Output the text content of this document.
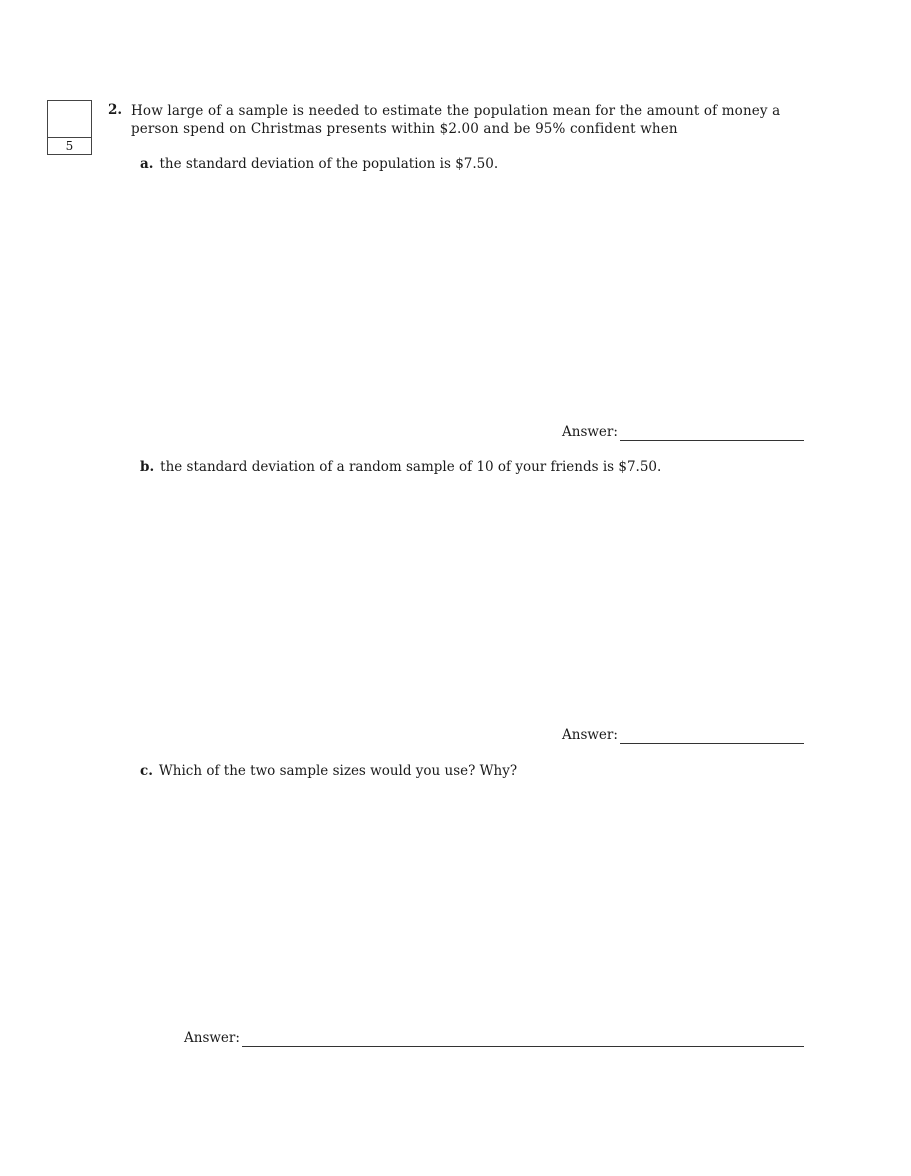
5
2. How large of a sample is needed to estimate the population mean for the amount of money a person spend on Christmas presents within $2.00 and be 95% confident when
a. the standard deviation of the population is $7.50.
Answer:
b. the standard deviation of a random sample of 10 of your friends is $7.50.
Answer:
c. Which of the two sample sizes would you use? Why?
Answer:
